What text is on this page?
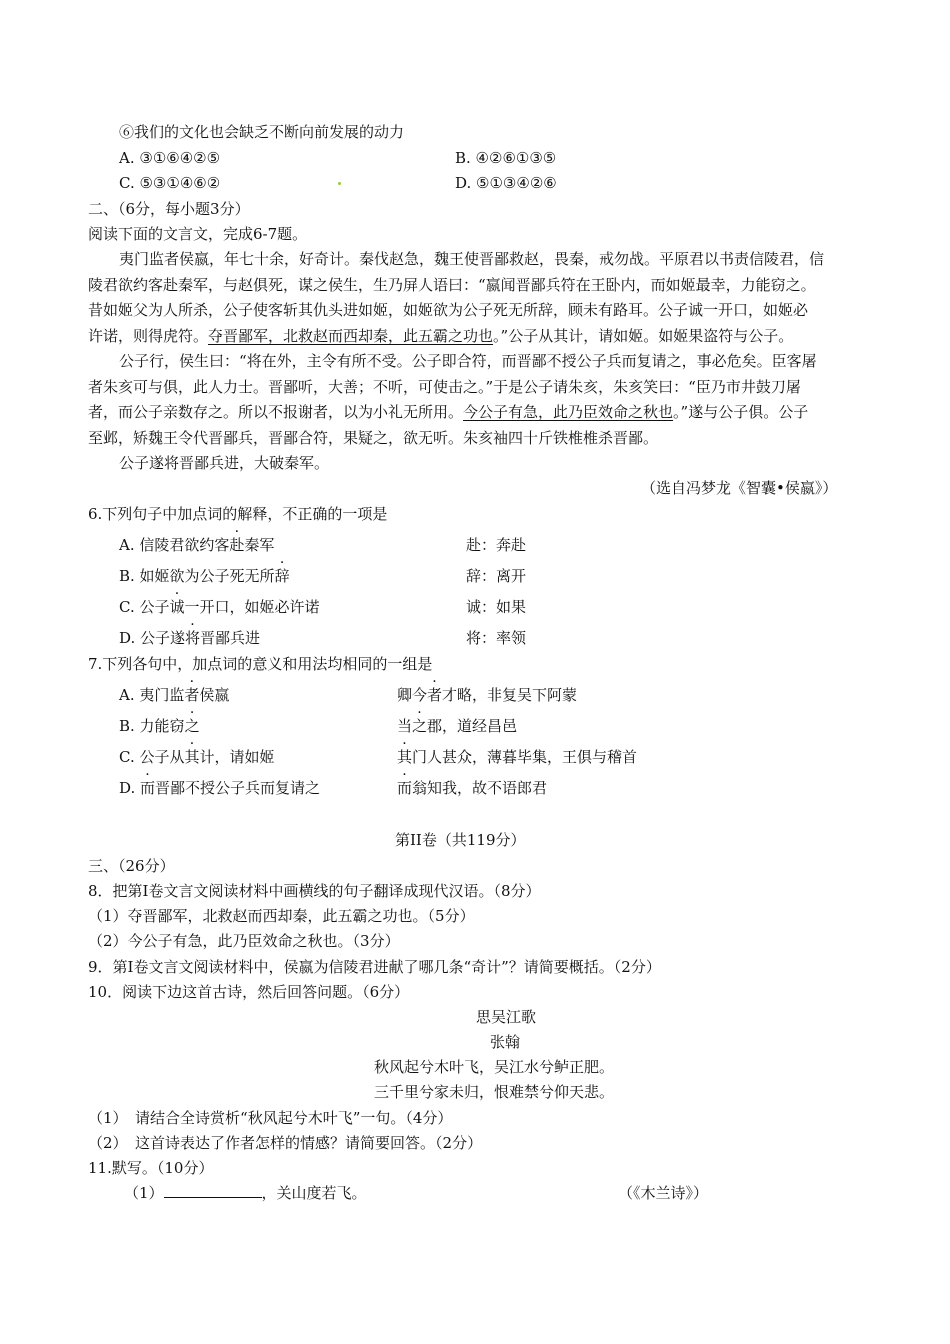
⑥我们的文化也会缺乏不断向前发展的动力
A. ③①⑥④②⑤	B. ④②⑥①③⑤
C. ⑤③①④⑥②	D. ⑤①③④②⑥
二、（6分，每小题3分）
阅读下面的文言文，完成6-7题。
夷门监者侯嬴，年七十余，好奇计。秦伐赵急，魏王使晋鄙救赵，畏秦，戒勿战。平原君以书责信陵君，信
陵君欲约客赴秦军，与赵俱死，谋之侯生，生乃屏人语曰：“嬴闻晋鄙兵符在王卧内，而如姬最幸，力能窃之。
昔如姬父为人所杀，公子使客斩其仇头进如姬，如姬欲为公子死无所辞，顾未有路耳。公子诚一开口，如姬必
许诺，则得虎符。夺晋鄙军，北救赵而西却秦，此五霸之功也。”公子从其计，请如姬。如姬果盗符与公子。
公子行，侯生曰：“将在外，主令有所不受。公子即合符，而晋鄙不授公子兵而复请之，事必危矣。臣客屠
者朱亥可与俱，此人力士。晋鄙听，大善；不听，可使击之。”于是公子请朱亥，朱亥笑曰：“臣乃市井鼓刀屠
者，而公子亲数存之。所以不报谢者，以为小礼无所用。今公子有急，此乃臣效命之秋也。”遂与公子俱。公子
至邺，矫魏王令代晋鄙兵，晋鄙合符，果疑之，欲无听。朱亥袖四十斤铁椎椎杀晋鄙。
公子遂将晋鄙兵进，大破秦军。
（选自冯梦龙《智囊•侯嬴》）
6.下列句子中加点词的解释，不正确的一项是
A. 信陵君欲约客赴秦军	赴：奔赴
B. 如姬欲为公子死无所辞	辞：离开
C. 公子诚一开口，如姬必许诺	诚：如果
D. 公子遂将晋鄙兵进	将：率领
7.下列各句中，加点词的意义和用法均相同的一组是
A. 夷门监者侯嬴	卿今者才略，非复吴下阿蒙
B. 力能窃之	当之郡，道经昌邑
C. 公子从其计，请如姬	其门人甚众，薄暮毕集，王俱与稽首
D. 而晋鄙不授公子兵而复请之	而翁知我，故不语郎君
第II卷（共119分）
三、（26分）
8．把第Ⅰ卷文言文阅读材料中画横线的句子翻译成现代汉语。（8分）
（1）夺晋鄙军，北救赵而西却秦，此五霸之功也。（5分）
（2）今公子有急，此乃臣效命之秋也。（3分）
9．第Ⅰ卷文言文阅读材料中，侯嬴为信陵君进献了哪几条“奇计”？请简要概括。（2分）
10．阅读下边这首古诗，然后回答问题。（6分）
思吴江歌
张翰
秋风起兮木叶飞，吴江水兮鲈正肥。
三千里兮家未归，恨难禁兮仰天悲。
（1）　请结合全诗赏析“秋风起兮木叶飞”一句。（4分）
（2）　这首诗表达了作者怎样的情感？请简要回答。（2分）
11.默写。（10分）
（1）	，关山度若飞。	（《木兰诗》）
